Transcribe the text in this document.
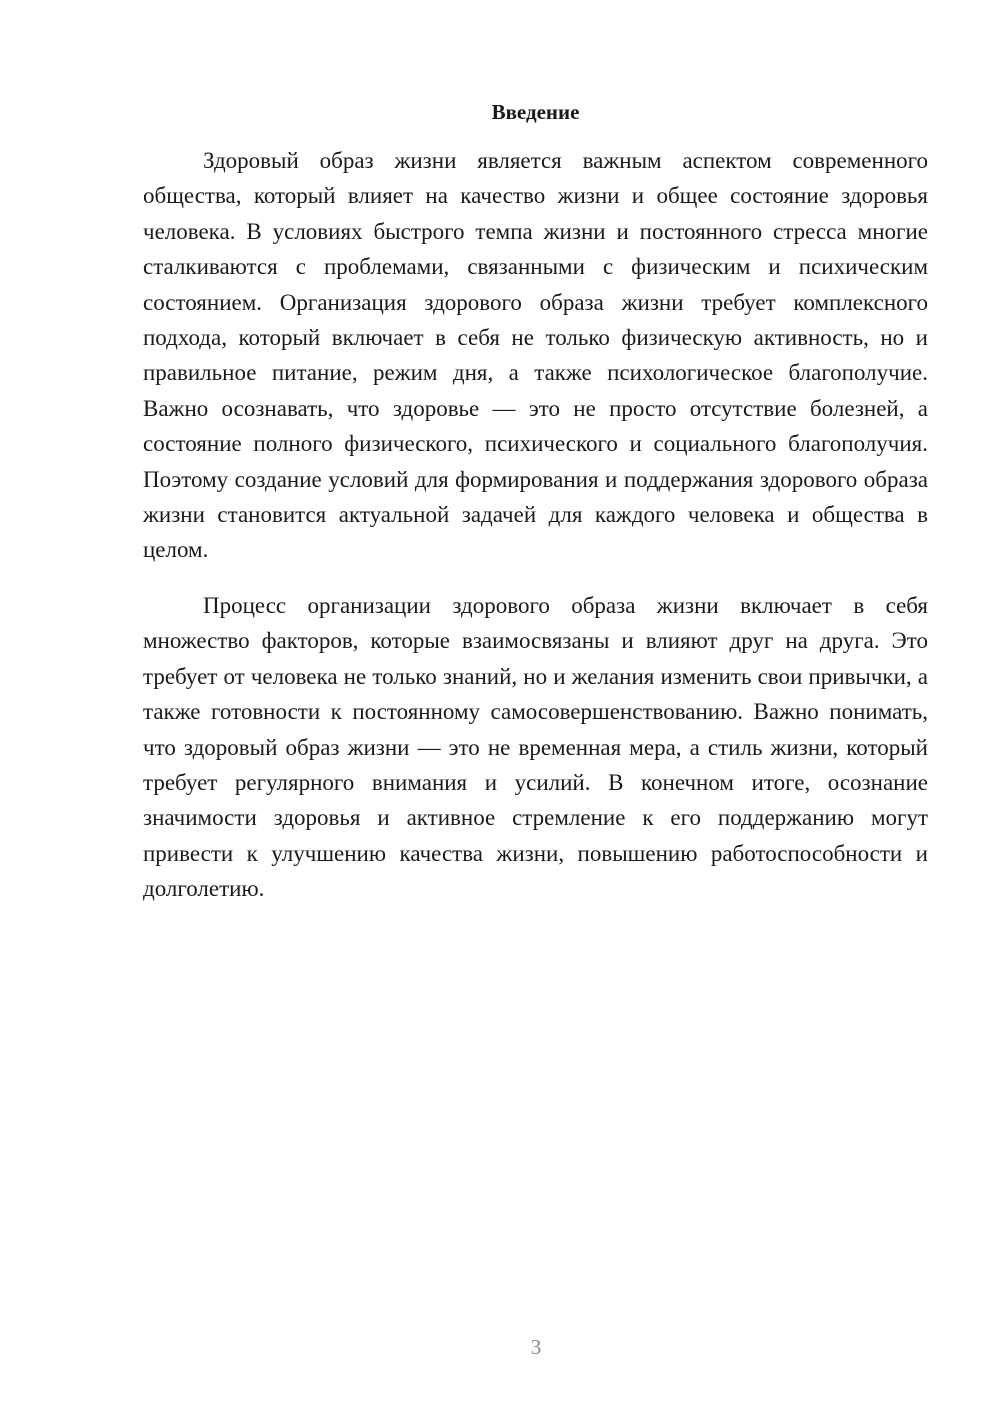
Введение

Здоровый образ жизни является важным аспектом современного общества, который влияет на качество жизни и общее состояние здоровья человека. В условиях быстрого темпа жизни и постоянного стресса многие сталкиваются с проблемами, связанными с физическим и психическим состоянием. Организация здорового образа жизни требует комплексного подхода, который включает в себя не только физическую активность, но и правильное питание, режим дня, а также психологическое благополучие. Важно осознавать, что здоровье — это не просто отсутствие болезней, а состояние полного физического, психического и социального благополучия. Поэтому создание условий для формирования и поддержания здорового образа жизни становится актуальной задачей для каждого человека и общества в целом.

Процесс организации здорового образа жизни включает в себя множество факторов, которые взаимосвязаны и влияют друг на друга. Это требует от человека не только знаний, но и желания изменить свои привычки, а также готовности к постоянному самосовершенствованию. Важно понимать, что здоровый образ жизни — это не временная мера, а стиль жизни, который требует регулярного внимания и усилий. В конечном итоге, осознание значимости здоровья и активное стремление к его поддержанию могут привести к улучшению качества жизни, повышению работоспособности и долголетию.

3
